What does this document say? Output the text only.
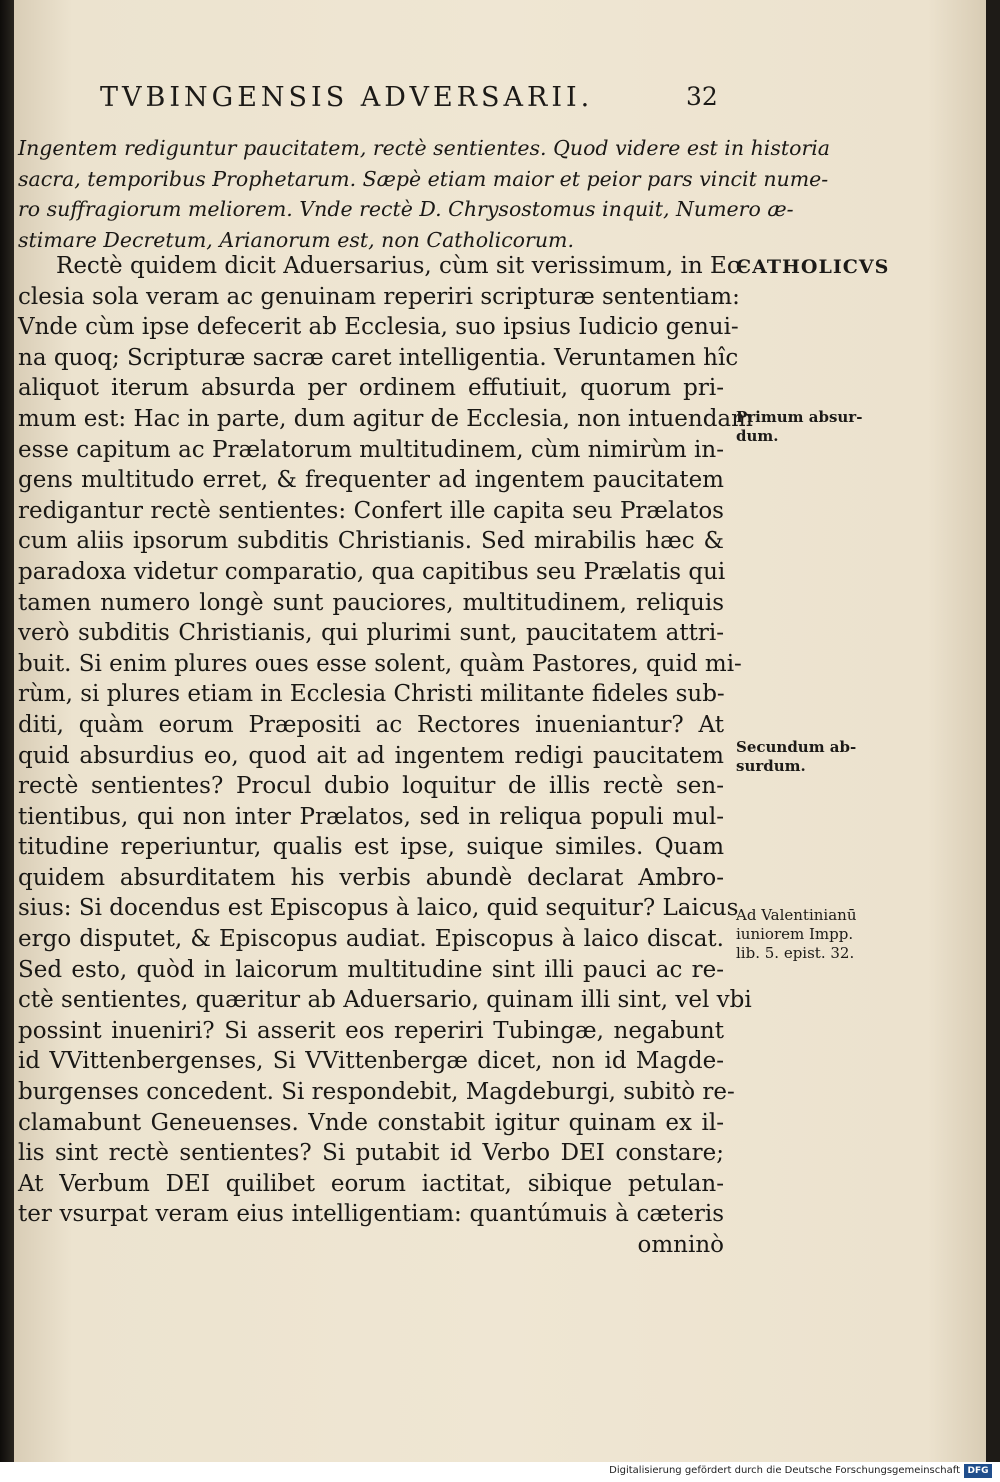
TVBINGENSIS ADVERSARII.	32

Ingentem rediguntur paucitatem, rectè sentientes. Quod videre est in historia
sacra, temporibus Prophetarum. Sæpè etiam maior et peior pars vincit nume-
ro suffragiorum meliorem. Vnde rectè D. Chrysostomus inquit, Numero æ-
stimare Decretum, Arianorum est, non Catholicorum.

Rectè quidem dicit Aduersarius, cùm sit verissimum, in Ec-
clesia sola veram ac genuinam reperiri scripturæ sententiam:
Vnde cùm ipse defecerit ab Ecclesia, suo ipsius Iudicio genui-
na quoq; Scripturæ sacræ caret intelligentia. Veruntamen hîc
aliquot iterum absurda per ordinem effutiuit, quorum pri-
mum est: Hac in parte, dum agitur de Ecclesia, non intuendam
esse capitum ac Prælatorum multitudinem, cùm nimirùm in-
gens multitudo erret, & frequenter ad ingentem paucitatem
redigantur rectè sentientes: Confert ille capita seu Prælatos
cum aliis ipsorum subditis Christianis. Sed mirabilis hæc &
paradoxa videtur comparatio, qua capitibus seu Prælatis qui
tamen numero longè sunt pauciores, multitudinem, reliquis
verò subditis Christianis, qui plurimi sunt, paucitatem attri-
buit. Si enim plures oues esse solent, quàm Pastores, quid mi-
rùm, si plures etiam in Ecclesia Christi militante fideles sub-
diti, quàm eorum Præpositi ac Rectores inueniantur? At
quid absurdius eo, quod ait ad ingentem redigi paucitatem
rectè sentientes? Procul dubio loquitur de illis rectè sen-
tientibus, qui non inter Prælatos, sed in reliqua populi mul-
titudine reperiuntur, qualis est ipse, suique similes. Quam
quidem absurditatem his verbis abundè declarat Ambro-
sius: Si docendus est Episcopus à laico, quid sequitur? Laicus
ergo disputet, & Episcopus audiat. Episcopus à laico discat.
Sed esto, quòd in laicorum multitudine sint illi pauci ac re-
ctè sentientes, quæritur ab Aduersario, quinam illi sint, vel vbi
possint inueniri? Si asserit eos reperiri Tubingæ, negabunt
id VVittenbergenses, Si VVittenbergæ dicet, non id Magde-
burgenses concedent. Si respondebit, Magdeburgi, subitò re-
clamabunt Geneuenses. Vnde constabit igitur quinam ex il-
lis sint rectè sentientes? Si putabit id Verbo DEI constare;
At Verbum DEI quilibet eorum iactitat, sibique petulan-
ter vsurpat veram eius intelligentiam: quantúmuis à cæteris
omninò

CATHOLICVS

Primum absur-
dum.

Secundum ab-
surdum.

Ad Valentinianū
iuniorem Impp.
lib. 5. epist. 32.

Digitalisierung gefördert durch die Deutsche Forschungsgemeinschaft DFG
